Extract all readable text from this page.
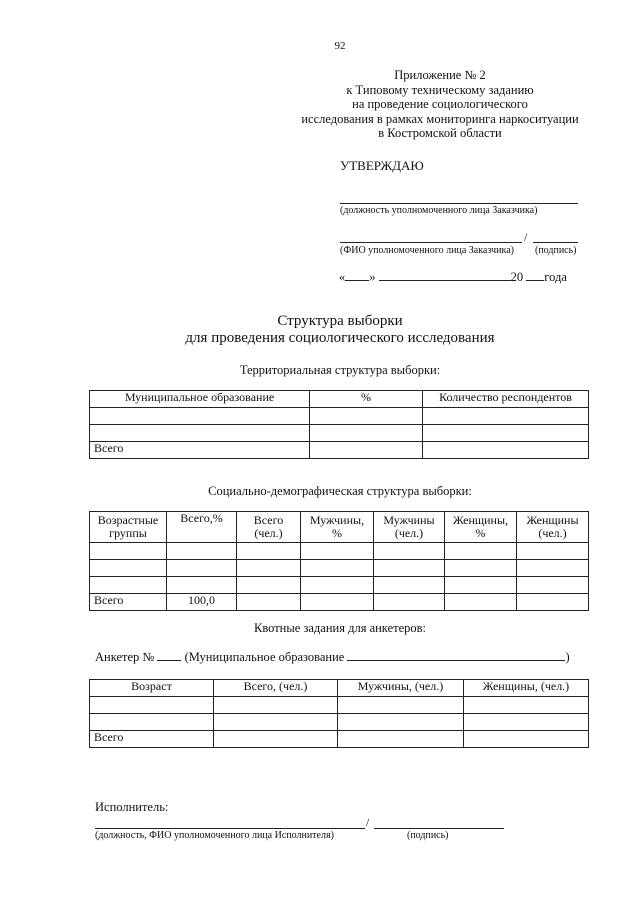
92
Приложение № 2
к Типовому техническому заданию
на проведение социологического
исследования в рамках мониторинга наркоситуации
в Костромской области
УТВЕРЖДАЮ
(должность уполномоченного лица Заказчика)
/
(ФИО уполномоченного лица Заказчика) (подпись)
« »	20 года
Структура выборки
для проведения социологического исследования
Территориальная структура выборки:
Муниципальное образование	%	Количество респондентов

Всего		
Социально-демографическая структура выборки:
Возрастные группы	Всего,%	Всего (чел.)	Мужчины, %	Мужчины (чел.)	Женщины, %	Женщины (чел.)

Всего	100,0					
Квотные задания для анкетеров:
Анкетер № (Муниципальное образование	)
Возраст	Всего, (чел.)	Мужчины, (чел.)	Женщины, (чел.)

Всего			
Исполнитель:
/
(должность, ФИО уполномоченного лица Исполнителя)	(подпись)
